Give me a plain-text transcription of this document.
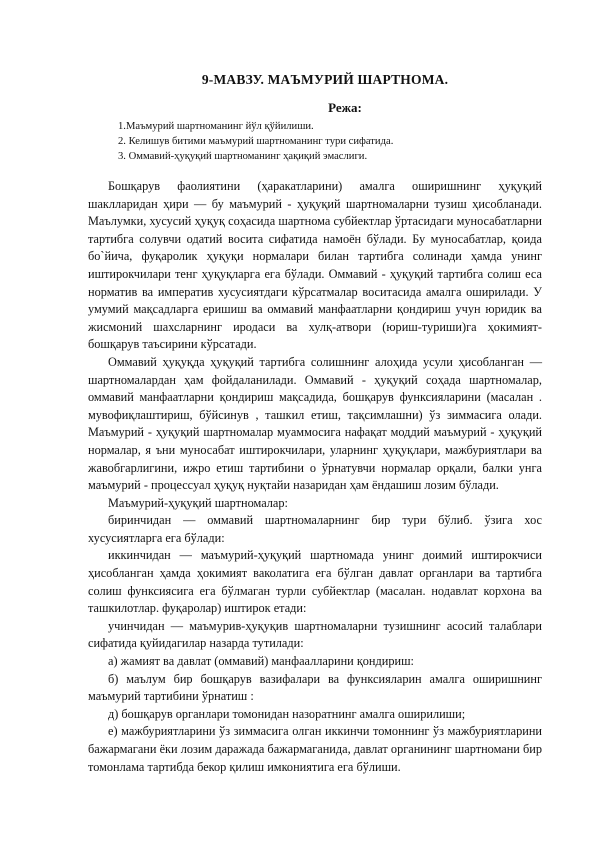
9-МАВЗУ. МАЪМУРИЙ ШАРТНОМА.
Режа:
1.Маъмурий шартноманинг йўл қўйилиши.
2. Келишув битими маъмурий шартноманинг тури сифатида.
3. Оммавий-ҳуқуқий шартноманинг ҳақиқий эмаслиги.

Бошқарув фаолиятини (ҳаракатларини) амалга оширишнинг ҳуқуқий шаклларидан ҳири — бу маъмурий - ҳуқуқий шартномаларни тузиш ҳисобланади. Маълумки, хусусий ҳуқуқ соҳасида шартнома субйектлар ўртасидаги муносабатларни тартибга солувчи одатий восита сифатида намоён бўлади. Бу муносабатлар, қоида бо`йича, фуқаролик ҳуқуқи нормалари билан тартибга солинади ҳамда унинг иштирокчилари тенг ҳуқуқларга ега бўлади. Оммавий - ҳуқуқий тартибга солиш еса норматив ва императив хусусиятдаги кўрсатмалар воситасида амалга оширилади. У умумий мақсадларга еришиш ва оммавий манфаатларни қондириш учун юридик ва жисмоний шахсларнинг иродаси ва хулқ-атвори (юриш-туриши)га ҳокимият-бошқарув таъсирини кўрсатади.

Оммавий ҳуқуқда ҳуқуқий тартибга солишнинг алоҳида усули ҳисобланган — шартномалардан ҳам фойдаланилади. Оммавий - ҳуқуқий соҳада шартномалар, оммавий манфаатларни қондириш мақсадида, бошқарув функсияларини (масалан . мувофиқлаштириш, бўйсинув , ташкил етиш, тақсимлашни) ўз зиммасига олади. Маъмурий - ҳуқуқий шартномалар муаммосига нафақат моддий маъмурий - ҳуқуқий нормалар, я ъни муносабат иштирокчилари, уларнинг ҳуқуқлари, мажбуриятлари ва жавобгарлигини, ижро етиш тартибини о ўрнатувчи нормалар орқали, балки унга маъмурий - процессуал ҳуқуқ нуқтайи назаридан ҳам ёндашиш лозим бўлади.

Маъмурий-ҳуқуқий шартномалар:

биринчидан — оммавий шартномаларнинг бир тури бўлиб. ўзига хос хусусиятларга ега бўлади:

иккинчидан — маъмурий-ҳуқуқий шартномада унинг доимий иштирокчиси ҳисобланган ҳамда ҳокимият ваколатига ега бўлган давлат органлари ва тартибга солиш функсиясига ега бўлмаган турли субйектлар (масалан. нодавлат корхона ва ташкилотлар. фуқаролар) иштирок етади:

учинчидан — маъмурив-ҳуқуқив шартномаларни тузишнинг асосий талаблари сифатида қуйидагилар назарда тутилади:

а) жамият ва давлат (оммавий) манфаалларини қондириш:

б) маълум бир бошқарув вазифалари ва функсияларин амалга оширишнинг маъмурий тартибини ўрнатиш :

д) бошқарув органлари томонидан назоратнинг амалга оширилиши;

е) мажбуриятларини ўз зиммасига олган иккинчи томоннинг ўз мажбуриятларини бажармагани ёки лозим даражада бажармаганида, давлат органининг шартномани бир томонлама тартибда бекор қилиш имкониятига ега бўлиши.
